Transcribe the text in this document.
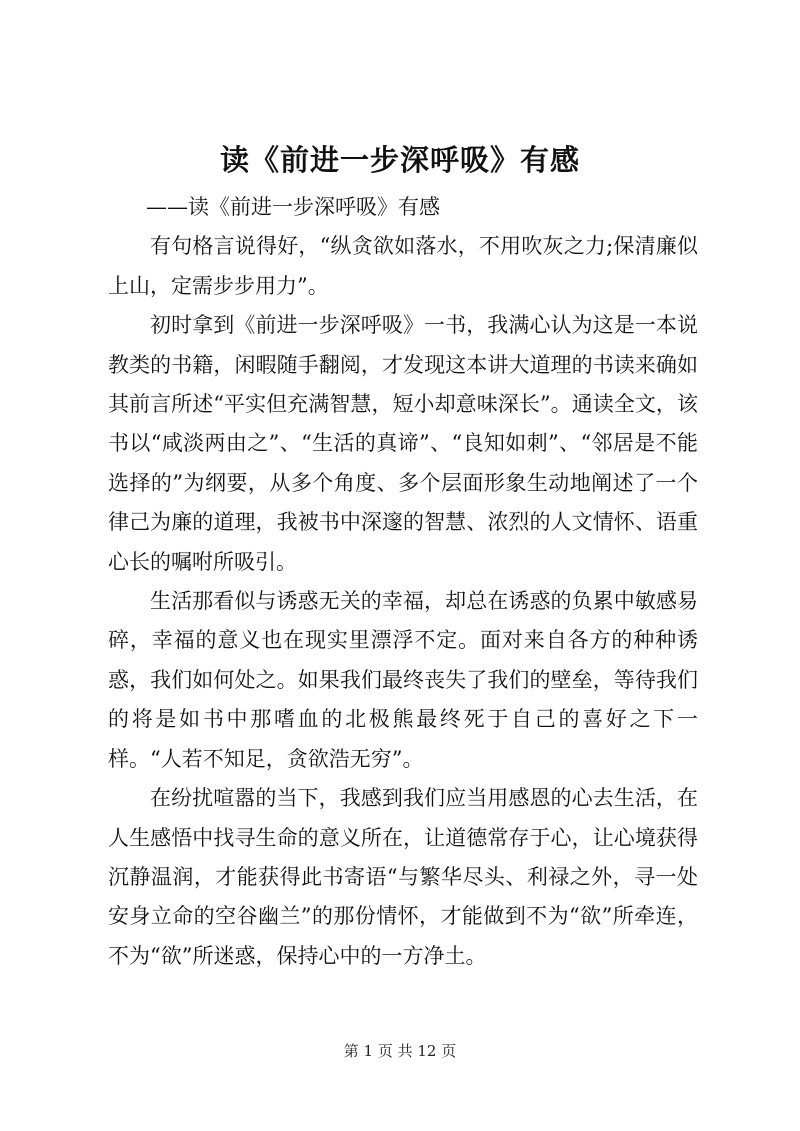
读《前进一步深呼吸》有感

——读《前进一步深呼吸》有感

有句格言说得好，“纵贪欲如落水，不用吹灰之力;保清廉似上山，定需步步用力”。

初时拿到《前进一步深呼吸》一书，我满心认为这是一本说教类的书籍，闲暇随手翻阅，才发现这本讲大道理的书读来确如其前言所述“平实但充满智慧，短小却意味深长”。通读全文，该书以“咸淡两由之”、“生活的真谛”、“良知如刺”、“邻居是不能选择的”为纲要，从多个角度、多个层面形象生动地阐述了一个律己为廉的道理，我被书中深邃的智慧、浓烈的人文情怀、语重心长的嘱咐所吸引。

生活那看似与诱惑无关的幸福，却总在诱惑的负累中敏感易碎，幸福的意义也在现实里漂浮不定。面对来自各方的种种诱惑，我们如何处之。如果我们最终丧失了我们的壁垒，等待我们的将是如书中那嗜血的北极熊最终死于自己的喜好之下一样。“人若不知足，贪欲浩无穷”。

在纷扰喧嚣的当下，我感到我们应当用感恩的心去生活，在人生感悟中找寻生命的意义所在，让道德常存于心，让心境获得沉静温润，才能获得此书寄语“与繁华尽头、利禄之外，寻一处安身立命的空谷幽兰”的那份情怀，才能做到不为“欲”所牵连，不为“欲”所迷惑，保持心中的一方净土。

第 1 页 共 12 页
